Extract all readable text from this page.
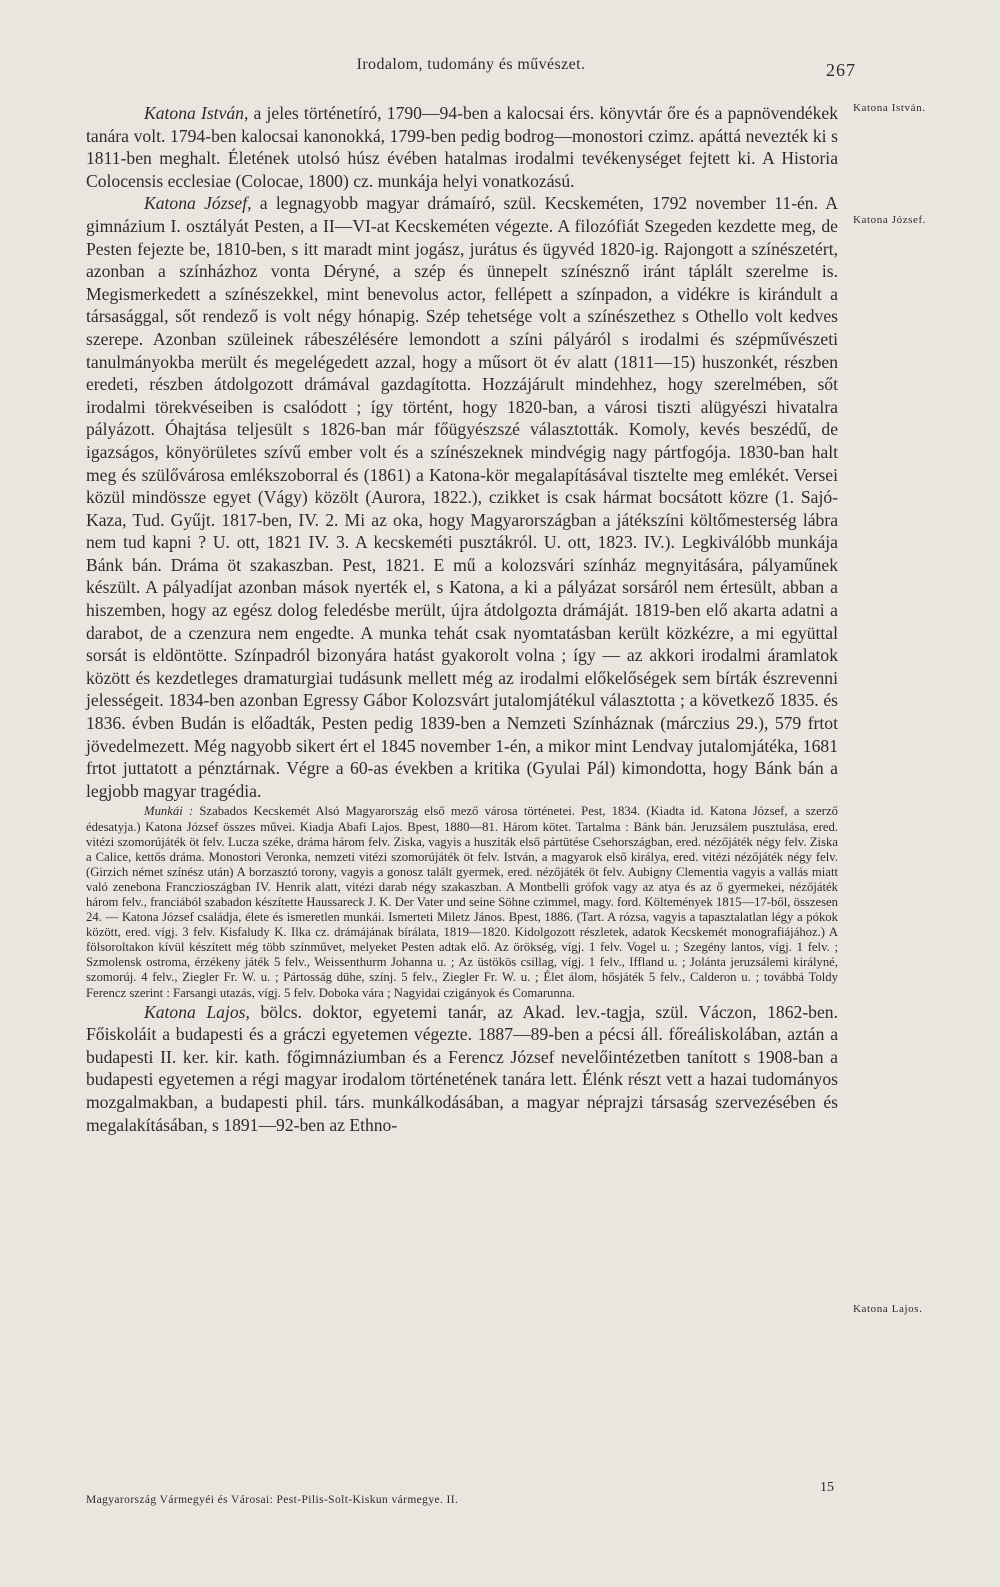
Irodalom, tudomány és művészet.	267
Katona István.
Katona József.
Katona Lajos.

Katona István, a jeles történetíró, 1790—94-ben a kalocsai érs. könyvtár őre és a papnövendékek tanára volt. 1794-ben kalocsai kanonokká, 1799-ben pedig bodrog—monostori czimz. apáttá nevezték ki s 1811-ben meghalt. Életének utolsó húsz évében hatalmas irodalmi tevékenységet fejtett ki. A Historia Colocensis ecclesiae (Colocae, 1800) cz. munkája helyi vonatkozású.

Katona József, a legnagyobb magyar drámaíró, szül. Kecskeméten, 1792 november 11-én. A gimnázium I. osztályát Pesten, a II—VI-at Kecskeméten végezte. A filozófiát Szegeden kezdette meg, de Pesten fejezte be, 1810-ben, s itt maradt mint jogász, jurátus és ügyvéd 1820-ig. Rajongott a színészetért, azonban a színházhoz vonta Déryné, a szép és ünnepelt színésznő iránt táplált szerelme is. Megismerkedett a színészekkel, mint benevolus actor, fellépett a színpadon, a vidékre is kirándult a társasággal, sőt rendező is volt négy hónapig. Szép tehetsége volt a színészethez s Othello volt kedves szerepe. Azonban szüleinek rábeszélésére lemondott a színi pályáról s irodalmi és szépművészeti tanulmányokba merült és megelégedett azzal, hogy a műsort öt év alatt (1811—15) huszonkét, részben eredeti, részben átdolgozott drámával gazdagította. Hozzájárult mindehhez, hogy szerelmében, sőt irodalmi törekvéseiben is csalódott ; így történt, hogy 1820-ban, a városi tiszti alügyészi hivatalra pályázott. Óhajtása teljesült s 1826-ban már főügyészszé választották. Komoly, kevés beszédű, de igazságos, könyörületes szívű ember volt és a színészeknek mindvégig nagy pártfogója. 1830-ban halt meg és szülővárosa emlékszoborral és (1861) a Katona-kör megalapításával tisztelte meg emlékét. Versei közül mindössze egyet (Vágy) közölt (Aurora, 1822.), czikket is csak hármat bocsátott közre (1. Sajó-Kaza, Tud. Gyűjt. 1817-ben, IV. 2. Mi az oka, hogy Magyarországban a játékszíni költőmesterség lábra nem tud kapni ? U. ott, 1821 IV. 3. A kecskeméti pusztákról. U. ott, 1823. IV.). Legkiválóbb munkája Bánk bán. Dráma öt szakaszban. Pest, 1821. E mű a kolozsvári színház megnyitására, pályaműnek készült. A pályadíjat azonban mások nyerték el, s Katona, a ki a pályázat sorsáról nem értesült, abban a hiszemben, hogy az egész dolog feledésbe merült, újra átdolgozta drámáját. 1819-ben elő akarta adatni a darabot, de a czenzura nem engedte. A munka tehát csak nyomtatásban került közkézre, a mi együttal sorsát is eldöntötte. Színpadról bizonyára hatást gyakorolt volna ; így — az akkori irodalmi áramlatok között és kezdetleges dramaturgiai tudásunk mellett még az irodalmi előkelőségek sem bírták észrevenni jelességeit. 1834-ben azonban Egressy Gábor Kolozsvárt jutalomjátékul választotta ; a következő 1835. és 1836. évben Budán is előadták, Pesten pedig 1839-ben a Nemzeti Színháznak (márczius 29.), 579 frtot jövedelmezett. Még nagyobb sikert ért el 1845 november 1-én, a mikor mint Lendvay jutalomjátéka, 1681 frtot juttatott a pénztárnak. Végre a 60-as években a kritika (Gyulai Pál) kimondotta, hogy Bánk bán a legjobb magyar tragédia.

Munkái : Szabados Kecskemét Alsó Magyarország első mező városa történetei. Pest, 1834. (Kiadta id. Katona József, a szerző édesatyja.) Katona József összes művei. Kiadja Abafi Lajos. Bpest, 1880—81. Három kötet. Tartalma : Bánk bán. Jeruzsálem pusztulása, ered. vitézi szomorújáték öt felv. Lucza széke, dráma három felv. Ziska, vagyis a husziták első pártütése Csehországban, ered. nézőjáték négy felv. Ziska a Calice, kettős dráma. Monostori Veronka, nemzeti vitézi szomorújáték öt felv. István, a magyarok első királya, ered. vitézi nézőjáték négy felv. (Girzich német színész után) A borzasztó torony, vagyis a gonosz talált gyermek, ered. nézőjáték öt felv. Aubigny Clementia vagyis a vallás miatt való zenebona Franczioszágban IV. Henrik alatt, vitézi darab négy szakaszban. A Montbelli grófok vagy az atya és az ő gyermekei, nézőjáték három felv., franciából szabadon készítette Haussareck J. K. Der Vater und seine Söhne czimmel, magy. ford. Költemények 1815—17-ből, összesen 24. — Katona József családja, élete és ismeretlen munkái. Ismerteti Miletz János. Bpest, 1886. (Tart. A rózsa, vagyis a tapasztalatlan légy a pókok között, ered. vígj. 3 felv. Kisfaludy K. Ilka cz. drámájának bírálata, 1819—1820. Kidolgozott részletek, adatok Kecskemét monografiájához.) A fölsoroltakon kívül készített még több színművet, melyeket Pesten adtak elő. Az örökség, vígj. 1 felv. Vogel u. ; Szegény lantos, vígj. 1 felv. ; Szmolensk ostroma, érzékeny játék 5 felv., Weissenthurm Johanna u. ; Az üstökös csillag, vígj. 1 felv., Iffland u. ; Jolánta jeruzsálemi királyné, szomorúj. 4 felv., Ziegler Fr. W. u. ; Pártosság dühe, színj. 5 felv., Ziegler Fr. W. u. ; Élet álom, hősjáték 5 felv., Calderon u. ; továbbá Toldy Ferencz szerint : Farsangi utazás, vígj. 5 felv. Doboka vára ; Nagyidai czigányok és Comarunna.

Katona Lajos, bölcs. doktor, egyetemi tanár, az Akad. lev.-tagja, szül. Váczon, 1862-ben. Főiskoláit a budapesti és a gráczi egyetemen végezte. 1887—89-ben a pécsi áll. főreáliskolában, aztán a budapesti II. ker. kir. kath. főgimnáziumban és a Ferencz József nevelőintézetben tanított s 1908-ban a budapesti egyetemen a régi magyar irodalom történetének tanára lett. Élénk részt vett a hazai tudományos mozgalmakban, a budapesti phil. társ. munkálkodásában, a magyar néprajzi társaság szervezésében és megalakításában, s 1891—92-ben az Ethno-

Magyarország Vármegyéi és Városai: Pest-Pilis-Solt-Kiskun vármegye. II.
15
